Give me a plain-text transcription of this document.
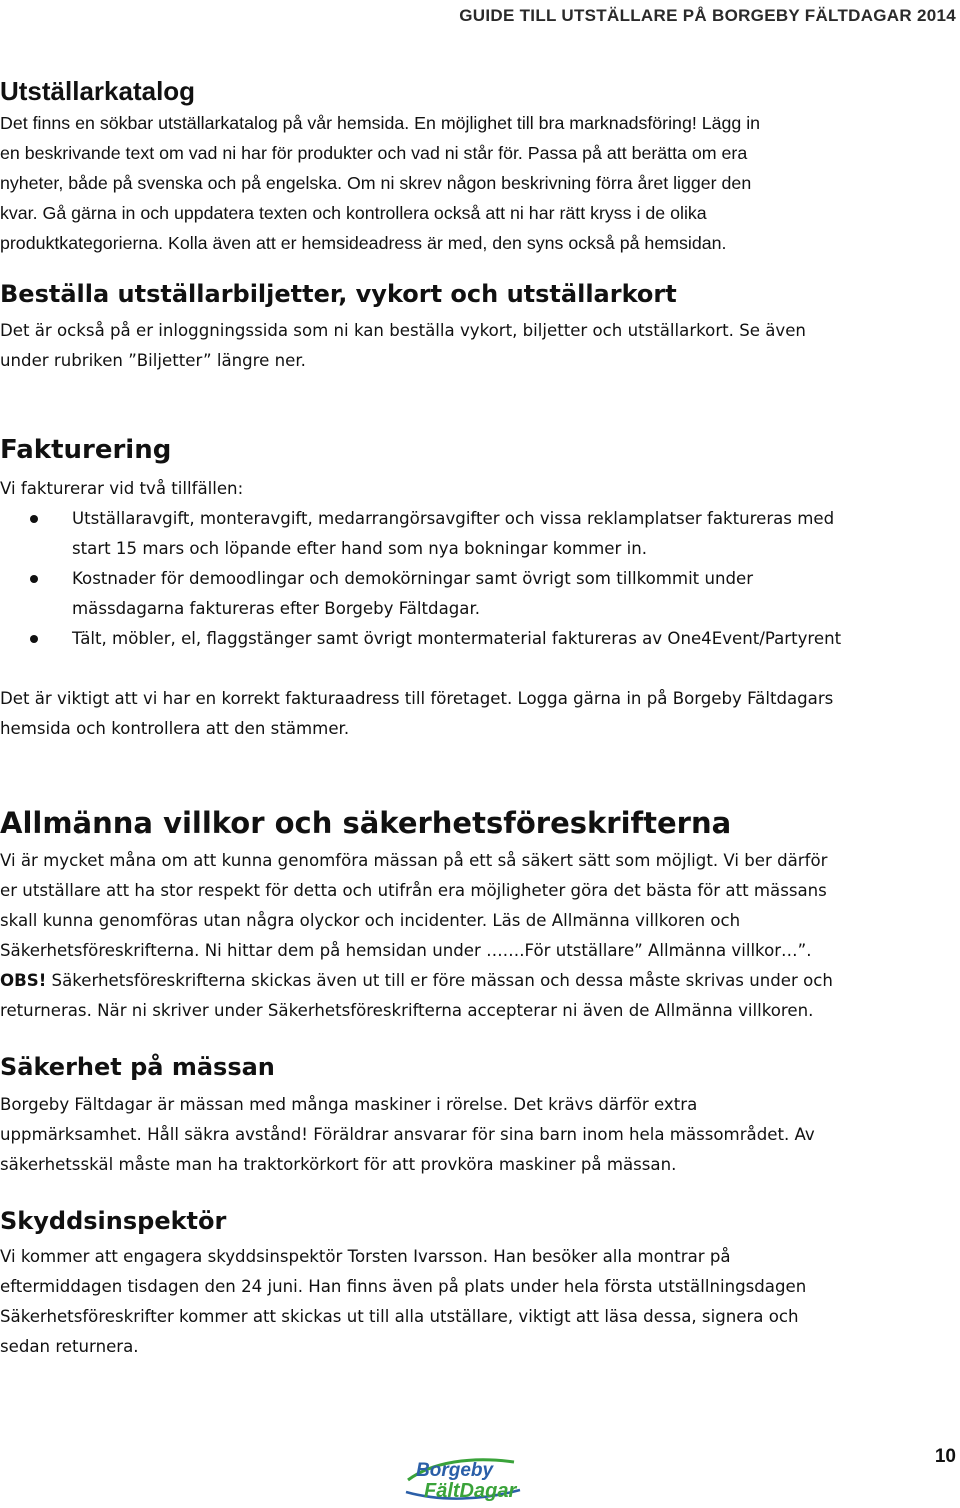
GUIDE TILL UTSTÄLLARE PÅ BORGEBY FÄLTDAGAR 2014
Utställarkatalog

Det finns en sökbar utställarkatalog på vår hemsida. En möjlighet till bra marknadsföring! Lägg in

en beskrivande text om vad ni har för produkter och vad ni står för. Passa på att berätta om era

nyheter, både på svenska och på engelska. Om ni skrev någon beskrivning förra året ligger den

kvar. Gå gärna in och uppdatera texten och kontrollera också att ni har rätt kryss i de olika

produktkategorierna. Kolla även att er hemsideadress är med, den syns också på hemsidan.

Beställa utställarbiljetter, vykort och utställarkort

Det är också på er inloggningssida som ni kan beställa vykort, biljetter och utställarkort. Se även

under rubriken ”Biljetter” längre ner.

Fakturering

Vi fakturerar vid två tillfällen:

Utställaravgift, monteravgift, medarrangörsavgifter och vissa reklamplatser faktureras med
start 15 mars och löpande efter hand som nya bokningar kommer in.
Kostnader för demoodlingar och demokörningar samt övrigt som tillkommit under
mässdagarna faktureras efter Borgeby Fältdagar.
Tält, möbler, el, flaggstänger samt övrigt montermaterial faktureras av One4Event/Partyrent

Det är viktigt att vi har en korrekt fakturaadress till företaget. Logga gärna in på Borgeby Fältdagars

hemsida och kontrollera att den stämmer.

Allmänna villkor och säkerhetsföreskrifterna

Vi är mycket måna om att kunna genomföra mässan på ett så säkert sätt som möjligt. Vi ber därför

er utställare att ha stor respekt för detta och utifrån era möjligheter göra det bästa för att mässans

skall kunna genomföras utan några olyckor och incidenter. Läs de Allmänna villkoren och

Säkerhetsföreskrifterna. Ni hittar dem på hemsidan under …….För utställare” Allmänna villkor…”.

OBS! Säkerhetsföreskrifterna skickas även ut till er före mässan och dessa måste skrivas under och

returneras. När ni skriver under Säkerhetsföreskrifterna accepterar ni även de Allmänna villkoren.

Säkerhet på mässan

Borgeby Fältdagar är mässan med många maskiner i rörelse. Det krävs därför extra

uppmärksamhet. Håll säkra avstånd! Föräldrar ansvarar för sina barn inom hela mässområdet. Av

säkerhetsskäl måste man ha traktorkörkort för att provköra maskiner på mässan.

Skyddsinspektör

Vi kommer att engagera skyddsinspektör Torsten Ivarsson. Han besöker alla montrar på

eftermiddagen tisdagen den 24 juni. Han finns även på plats under hela första utställningsdagen

Säkerhetsföreskrifter kommer att skickas ut till alla utställare, viktigt att läsa dessa, signera och

sedan returnera.

Borgeby
FältDagar
10
